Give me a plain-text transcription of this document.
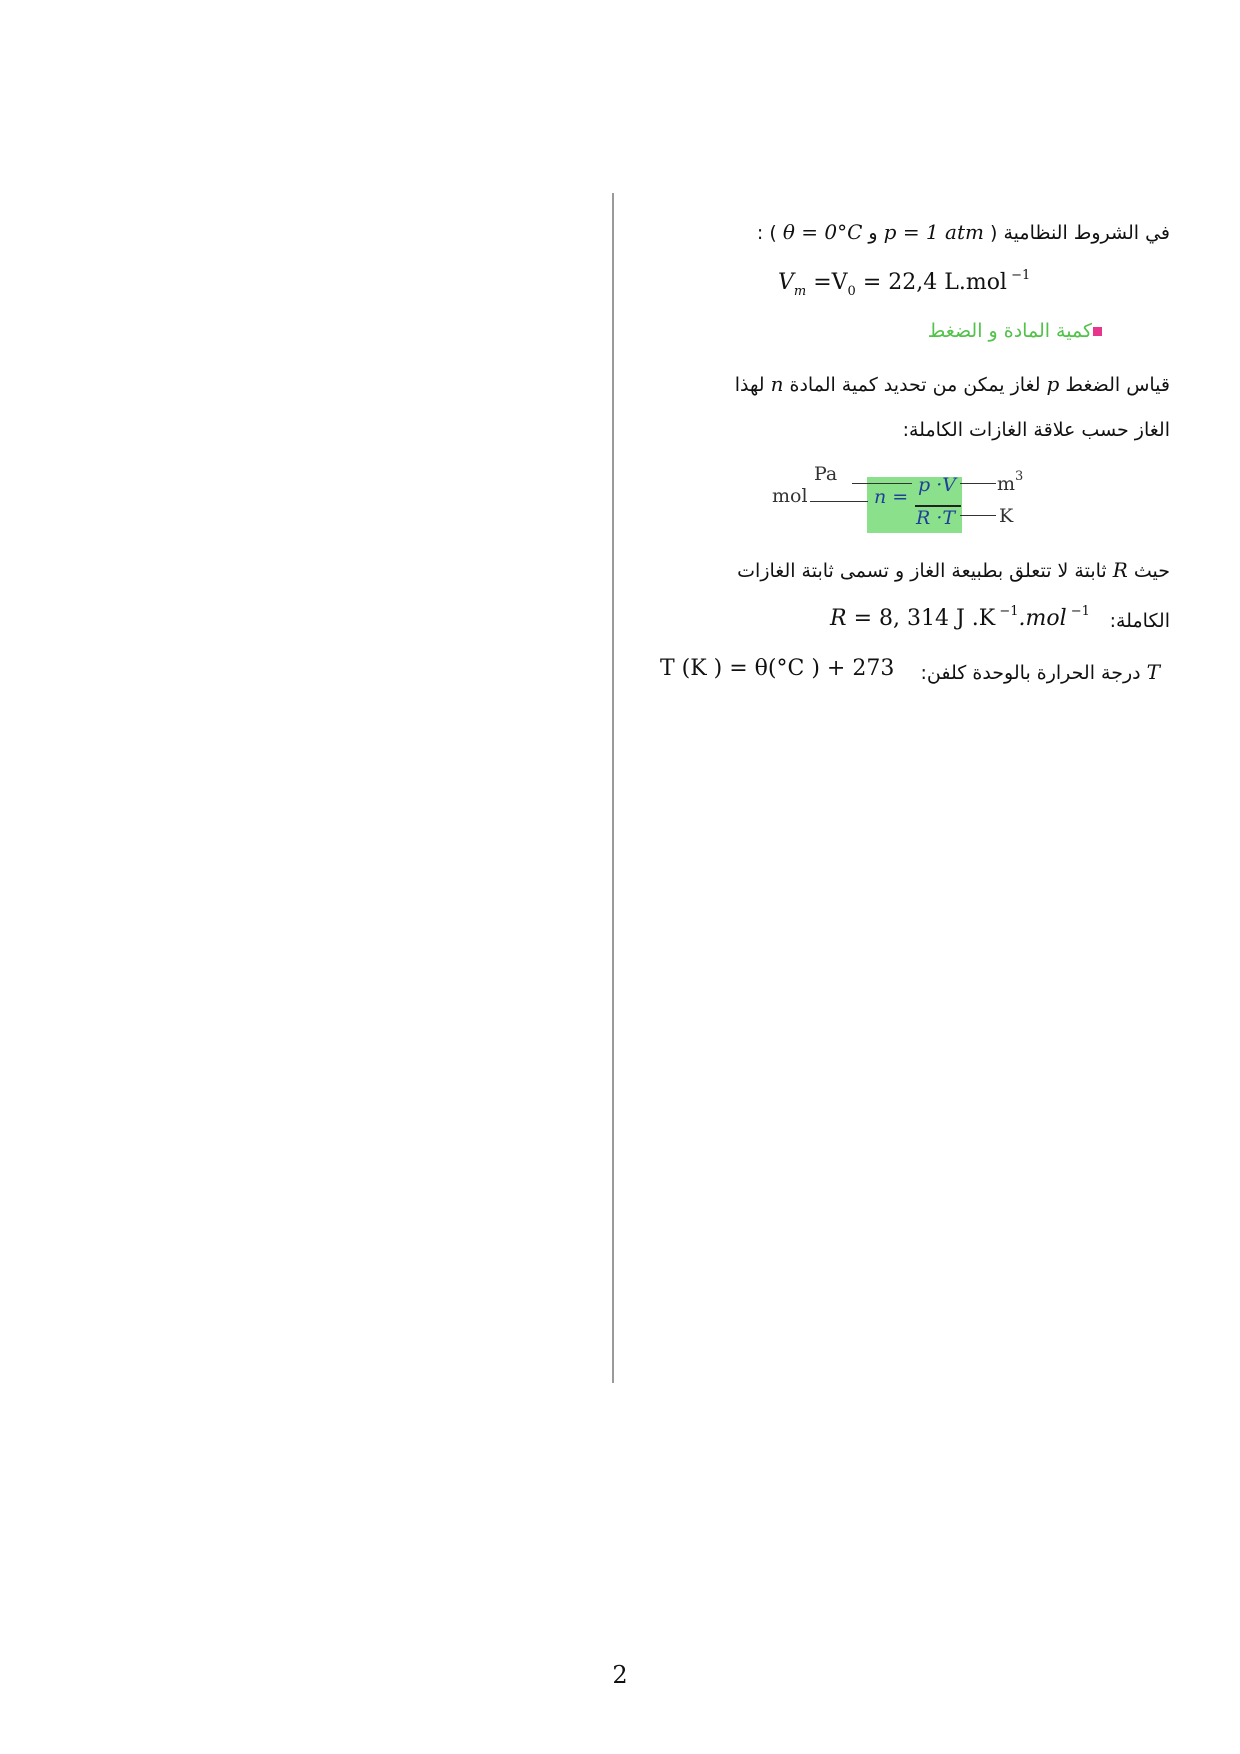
في الشروط النظامية ( p = 1 atm و θ = 0°C ) :
$V_m =V_0 = 22,4$ L.mol $^{-1}$
كمية المادة و الضغط
قياس الضغط p لغاز يمكن من تحديد كمية المادة n لهذا
الغاز حسب علاقة الغازات الكاملة:
mol
Pa	$m^3$
K
n =
p ·V
R ·T
حيث R ثابتة لا تتعلق بطبيعة الغاز و تسمى ثابتة الغازات
الكاملة:
R = 8, 314 J .K $^{-1}$.mol $^{-1}$
T درجة الحرارة بالوحدة كلفن:
T (K ) = θ(°C ) + 273
2
